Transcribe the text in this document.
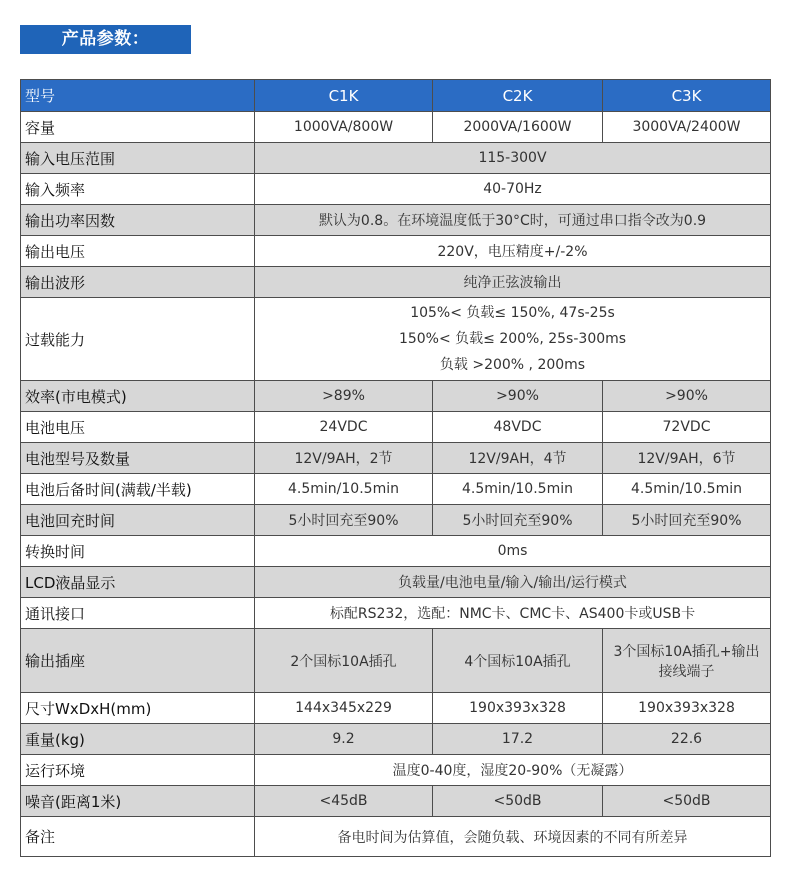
产品参数：
型号	C1K	C2K	C3K
容量	1000VA/800W	2000VA/1600W	3000VA/2400W
输入电压范围	115-300V		
输入频率	40-70Hz		
输出功率因数	默认为0.8。在环境温度低于30°C时，可通过串口指令改为0.9		
输出电压	220V，电压精度+/-2%		
输出波形	纯净正弦波输出		
过载能力	105%< 负载≤ 150%, 47s-25s
150%< 负载≤ 200%, 25s-300ms
负载 >200% , 200ms		

效率(市电模式)	>89%	>90%	>90%
电池电压	24VDC	48VDC	72VDC
电池型号及数量	12V/9AH，2节	12V/9AH，4节	12V/9AH，6节
电池后备时间(满载/半载)	4.5min/10.5min	4.5min/10.5min	4.5min/10.5min
电池回充时间	5小时回充至90%	5小时回充至90%	5小时回充至90%
转换时间	0ms		
LCD液晶显示	负载量/电池电量/输入/输出/运行模式		
通讯接口	标配RS232，选配：NMC卡、CMC卡、AS400卡或USB卡		
输出插座	2个国标10A插孔	4个国标10A插孔	3个国标10A插孔+输出接线端子
尺寸WxDxH(mm)	144x345x229	190x393x328	190x393x328
重量(kg)	9.2	17.2	22.6
运行环境	温度0-40度，湿度20-90%（无凝露）		
噪音(距离1米)	<45dB	<50dB	<50dB
备注	备电时间为估算值，会随负载、环境因素的不同有所差异		
